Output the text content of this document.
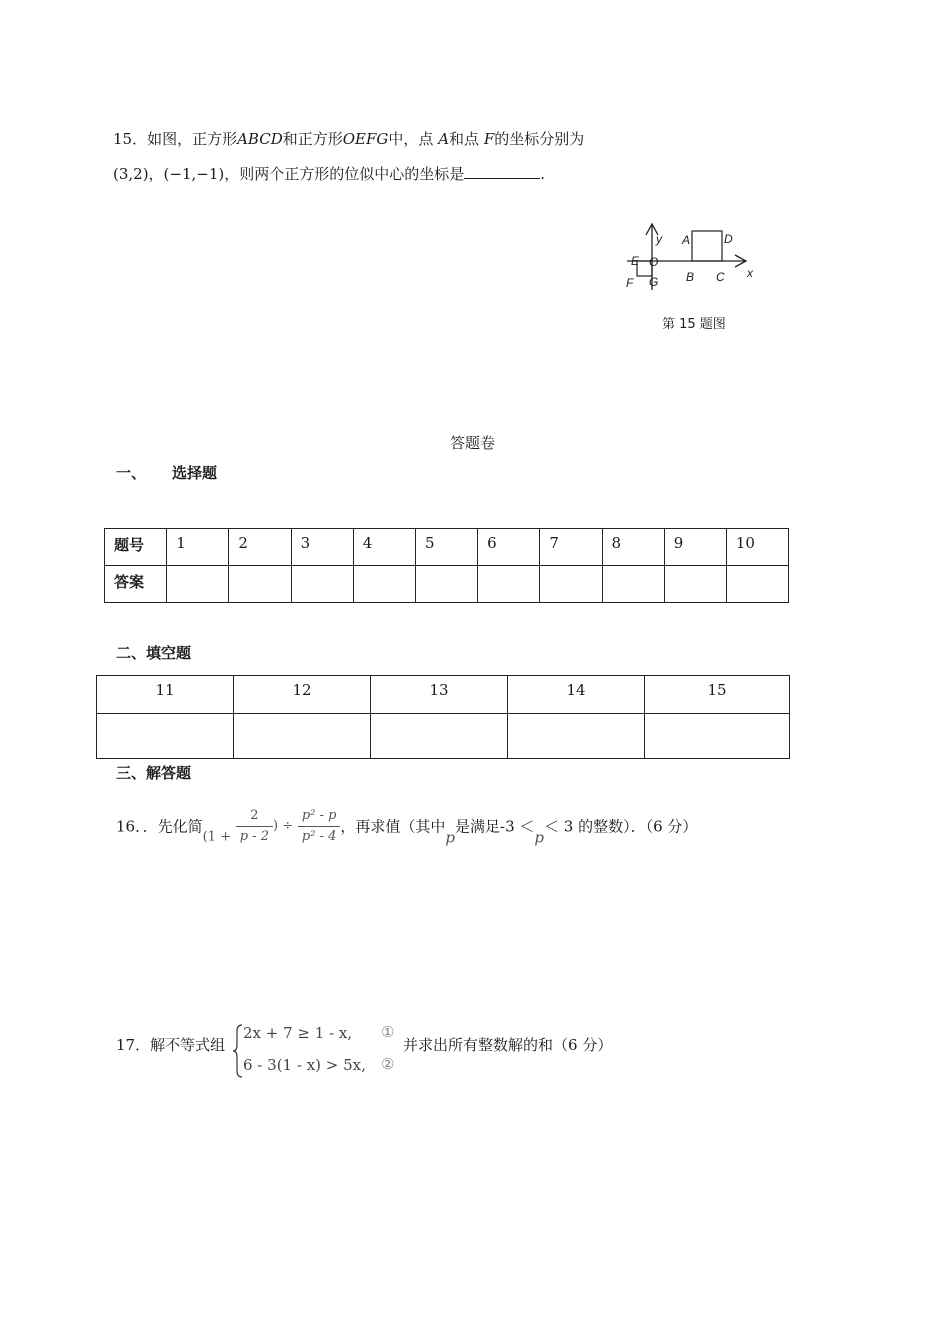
15．如图，正方形ABCD和正方形OEFG中，点 A和点 F的坐标分别为
(3,2)，(−1,−1)，则两个正方形的位似中心的坐标是	.
y
x
A	D
E O
F G B C
第 15 题图
答题卷
一、 选择题
题号	1	2	3	4	5	6	7	8	9	10
答案										
二、填空题
11	12	13	14	15

三、解答题
16．．先化简($1 + \frac{2}{p - 2}$ ) ÷ $\frac{\text{p² - p}}{\text{p² - 4}}$ ，再求值（其中p是满足-3 ＜p＜ 3 的整数）．（6 分）
17．解不等式组
2x + 7 ≥ 1 - x, ①
6 - 3(1 - x) > 5x, ②
并求出所有整数解的和（6 分）
